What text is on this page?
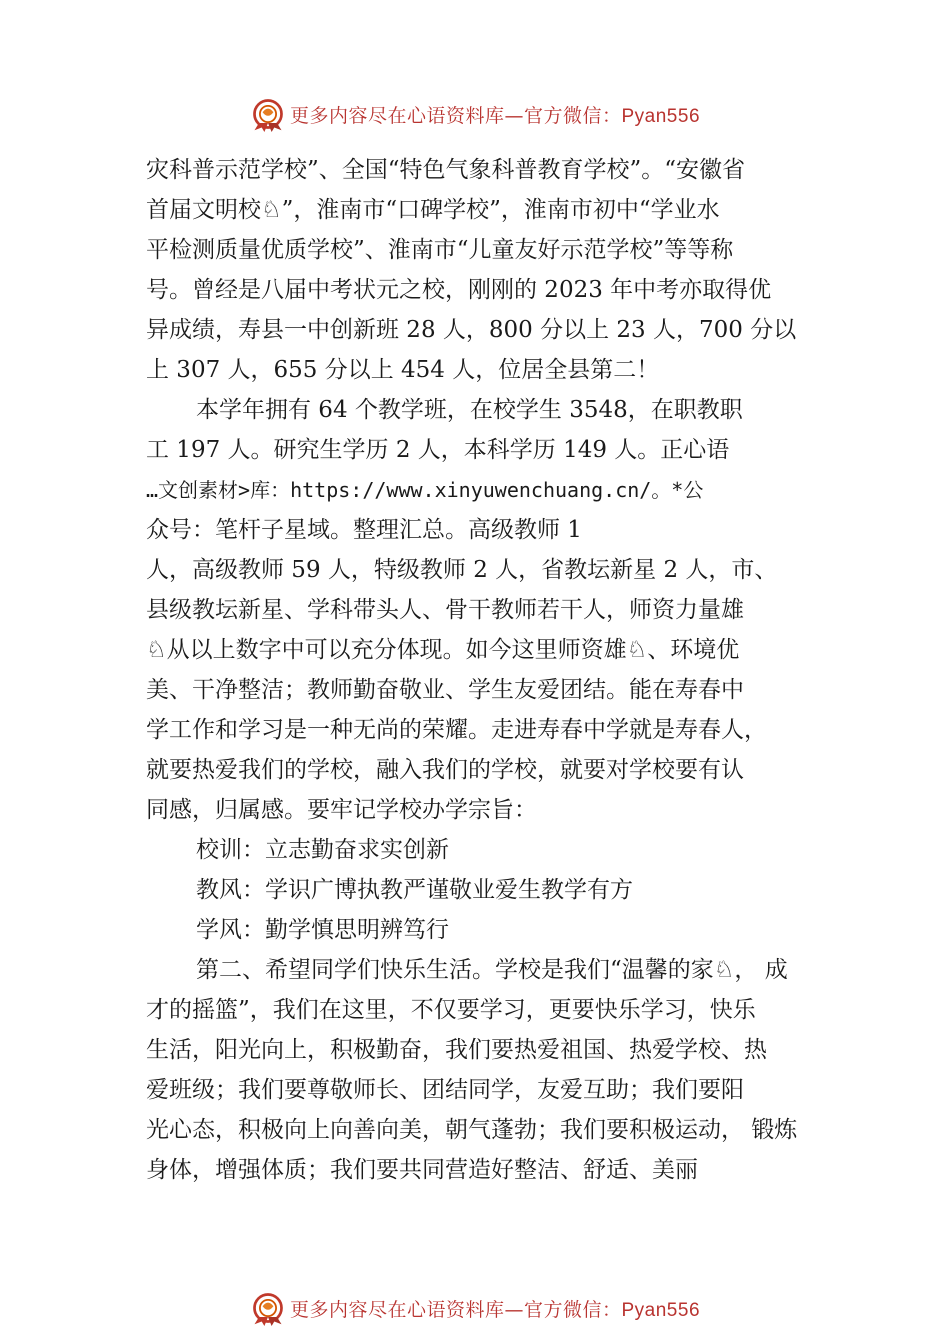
更多内容尽在心语资料库—官方微信：Pyan556
灾科普示范学校”、全国“特色气象科普教育学校”。“安徽省
首届文明校♘”，淮南市“口碑学校”，淮南市初中“学业水
平检测质量优质学校”、淮南市“儿童友好示范学校”等等称
号。曾经是八届中考状元之校，刚刚的 2023 年中考亦取得优
异成绩，寿县一中创新班 28 人，800 分以上 23 人，700 分以
上 307 人，655 分以上 454 人，位居全县第二！
本学年拥有 64 个教学班，在校学生 3548，在职教职
工 197 人。研究生学历 2 人，本科学历 149 人。正心语
…文创素材>库：https://www.xinyuwenchuang.cn/。*公
众号：笔杆子星域。整理汇总。高级教师 1
人，高级教师 59 人，特级教师 2 人，省教坛新星 2 人，市、
县级教坛新星、学科带头人、骨干教师若干人，师资力量雄
♘从以上数字中可以充分体现。如今这里师资雄♘、环境优
美、干净整洁；教师勤奋敬业、学生友爱团结。能在寿春中
学工作和学习是一种无尚的荣耀。走进寿春中学就是寿春人，
就要热爱我们的学校，融入我们的学校，就要对学校要有认
同感，归属感。要牢记学校办学宗旨：
校训：立志勤奋求实创新
教风：学识广博执教严谨敬业爱生教学有方
学风：勤学慎思明辨笃行
第二、希望同学们快乐生活。学校是我们“温馨的家♘， 成
才的摇篮”，我们在这里，不仅要学习，更要快乐学习，快乐
生活，阳光向上，积极勤奋，我们要热爱祖国、热爱学校、热
爱班级；我们要尊敬师长、团结同学，友爱互助；我们要阳
光心态，积极向上向善向美，朝气蓬勃；我们要积极运动， 锻炼
身体，增强体质；我们要共同营造好整洁、舒适、美丽
更多内容尽在心语资料库—官方微信：Pyan556
